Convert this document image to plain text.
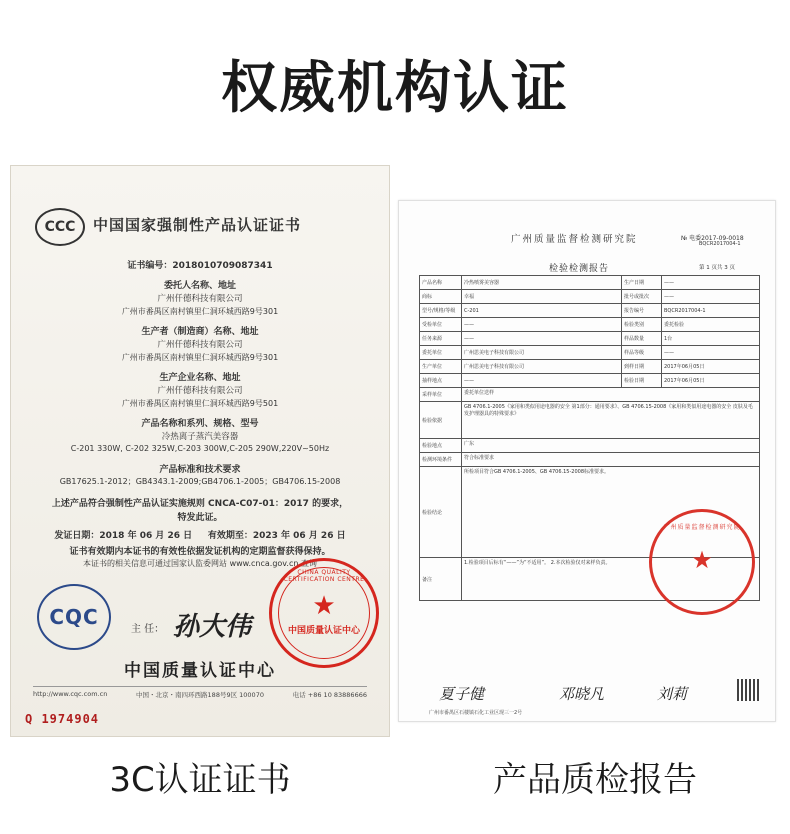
权威机构认证
CCC	中国国家强制性产品认证证书
证书编号：2018010709087341
委托人名称、地址
广州仟德科技有限公司
广州市番禺区南村镇里仁洞环城西路9号301
生产者（制造商）名称、地址
广州仟德科技有限公司
广州市番禺区南村镇里仁洞环城西路9号301
生产企业名称、地址
广州仟德科技有限公司
广州市番禺区南村镇里仁洞环城西路9号501
产品名称和系列、规格、型号
冷热离子蒸汽美容器
C-201 330W, C-202 325W,C-203 300W,C-205 290W,220V~50Hz
产品标准和技术要求
GB17625.1-2012；GB4343.1-2009;GB4706.1-2005；GB4706.15-2008
上述产品符合强制性产品认证实施规则 CNCA-C07-01：2017 的要求，
特发此证。
发证日期：2018 年 06 月 26 日 有效期至：2023 年 06 月 26 日
证书有效期内本证书的有效性依据发证机构的定期监督获得保持。
本证书的相关信息可通过国家认监委网站 www.cnca.gov.cn 查询
CQC
主 任： 孙大伟
CHINA QUALITY CERTIFICATION CENTRE
★
中国质量认证中心
中国质量认证中心
http://www.cqc.com.cn	中国・北京・南四环西路188号9区 100070	电话 +86 10 83886666
Q 1974904
广州质量监督检测研究院	№ 电委2017-09-0018
BQCR2017004-1
检验检测报告	第 1 页共 3 页
产品名称	冷热喷雾美容器	生产日期	——
商标	幸福	批号或批次	——
型号/规格/等级	C-201	报告编号	BQCR2017004-1
受检单位	——	检验类别	委托检验
任务来源	——	样品数量	1台
委托单位	广州思美电子科技有限公司	样品等级	——
生产单位	广州思美电子科技有限公司	到样日期	2017年06月05日
抽样地点	——	检验日期	2017年06月05日
采样单位	委托单位送样		
检验依据	GB 4706.1-2005《家用和类似用途电器的安全 第1部分：通用要求》、GB 4706.15-2008《家用和类似用途电器的安全 皮肤及毛发护理器具的特殊要求》		
检验地点	广东		
检测环境条件	符合标准要求		
检验结论	所检项目符合GB 4706.1-2005、GB 4706.15-2008标准要求。		
备注	1.检验项目后标有“——”为“不适用”。 2.本次检验仅对来样负责。		
广州质量监督检测研究院
★
夏子健	邓晓凡	刘莉
广州市番禺区石楼镇石化工业区现三一2号
3C认证证书	产品质检报告
